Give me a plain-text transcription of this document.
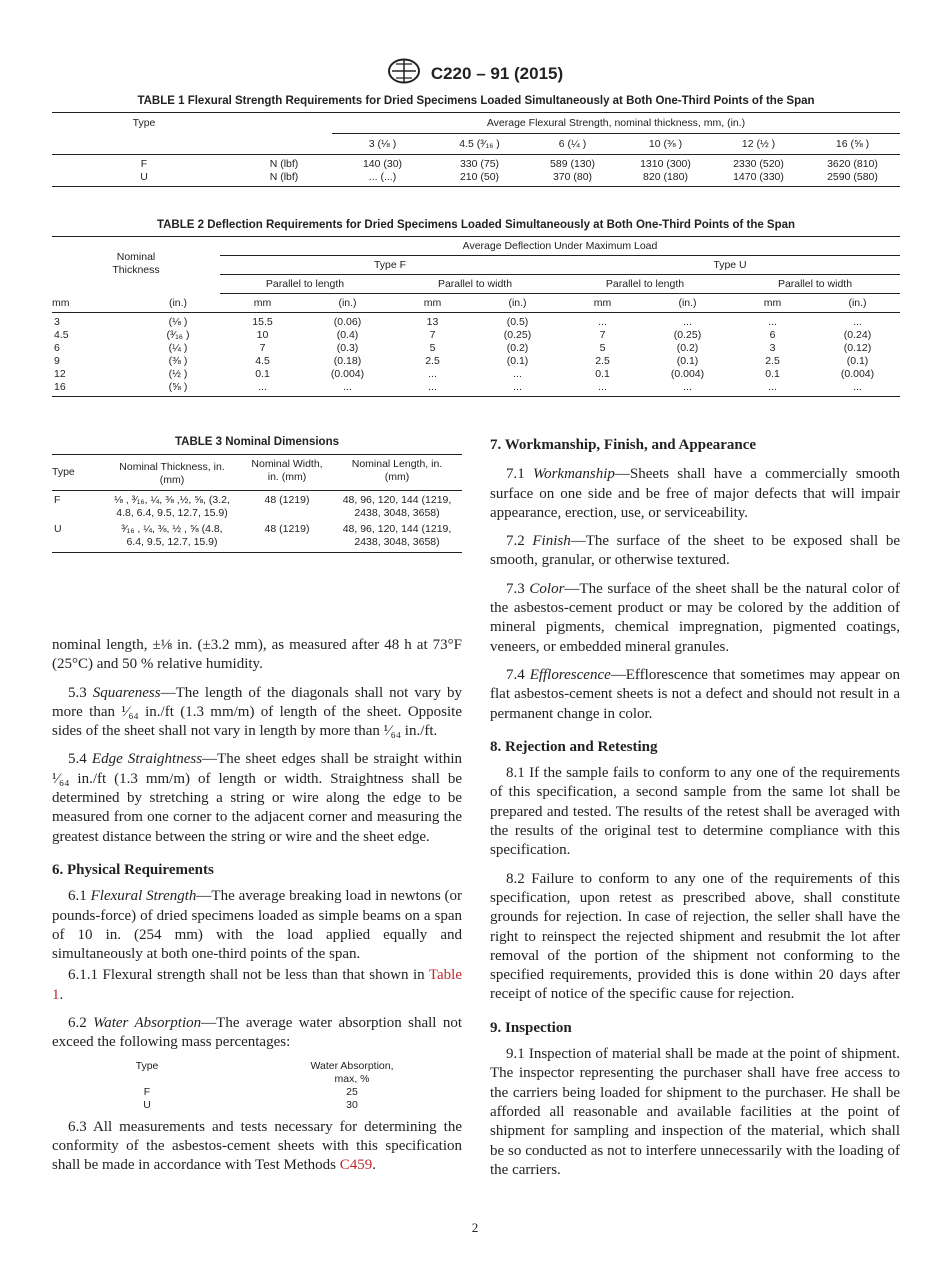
C220 – 91 (2015)
TABLE 1 Flexural Strength Requirements for Dried Specimens Loaded Simultaneously at Both One-Third Points of the Span
Type		Average Flexural Strength, nominal thickness, mm, (in.)					
		3 (⅛ )	4.5 (³⁄₁₆ )	6 (¼ )	10 (⅜ )	12 (½ )	16 (⅝ )
F	N (lbf)	140 (30)	330 (75)	589 (130)	1310 (300)	2330 (520)	3620 (810)
U	N (lbf)	... (...)	210 (50)	370 (80)	820 (180)	1470 (330)	2590 (580)
TABLE 2 Deflection Requirements for Dried Specimens Loaded Simultaneously at Both One-Third Points of the Span
Nominal Thickness		Average Deflection Under Maximum Load							
		Type F				Type U			
		Parallel to length		Parallel to width		Parallel to length		Parallel to width	
mm	(in.)	mm	(in.)	mm	(in.)	mm	(in.)	mm	(in.)
3	(⅛ )	15.5	(0.06)	13	(0.5)	...	...	...	...
4.5	(³⁄₁₆ )	10	(0.4)	7	(0.25)	7	(0.25)	6	(0.24)
6	(¼ )	7	(0.3)	5	(0.2)	5	(0.2)	3	(0.12)
9	(⅜ )	4.5	(0.18)	2.5	(0.1)	2.5	(0.1)	2.5	(0.1)
12	(½ )	0.1	(0.004)	...	...	0.1	(0.004)	0.1	(0.004)
16	(⅝ )	...	...	...	...	...	...	...	...
TABLE 3 Nominal Dimensions
Type	Nominal Thickness, in. (mm)	Nominal Width, in. (mm)	Nominal Length, in. (mm)
F	⅛ , ³⁄₁₆, ¼, ⅜ ,½, ⅝, (3.2, 4.8, 6.4, 9.5, 12.7, 15.9)	48 (1219)	48, 96, 120, 144 (1219, 2438, 3048, 3658)
U	³⁄₁₆ , ¼, ⅜, ½ , ⅝ (4.8, 6.4, 9.5, 12.7, 15.9)	48 (1219)	48, 96, 120, 144 (1219, 2438, 3048, 3658)

nominal length, ±⅛ in. (±3.2 mm), as measured after 48 h at 73°F (25°C) and 50 % relative humidity.

5.3 Squareness—The length of the diagonals shall not vary by more than ¹⁄₆₄ in./ft (1.3 mm/m) of length of the sheet. Opposite sides of the sheet shall not vary in length by more than ¹⁄₆₄ in./ft.

5.4 Edge Straightness—The sheet edges shall be straight within ¹⁄₆₄ in./ft (1.3 mm/m) of length or width. Straightness shall be determined by stretching a string or wire along the edge to be measured from one corner to the adjacent corner and measuring the greatest distance between the string or wire and the sheet edge.

6. Physical Requirements

6.1 Flexural Strength—The average breaking load in newtons (or pounds-force) of dried specimens loaded as simple beams on a span of 10 in. (254 mm) with the load applied equally and simultaneously at both one-third points of the span.

6.1.1 Flexural strength shall not be less than that shown in Table 1.

6.2 Water Absorption—The average water absorption shall not exceed the following mass percentages:

Type	Water Absorption,
max, %
F	25
U	30

6.3 All measurements and tests necessary for determining the conformity of the asbestos-cement sheets with this specification shall be made in accordance with Test Methods C459.

7. Workmanship, Finish, and Appearance

7.1 Workmanship—Sheets shall have a commercially smooth surface on one side and be free of major defects that will impair appearance, erection, use, or serviceability.

7.2 Finish—The surface of the sheet to be exposed shall be smooth, granular, or otherwise textured.

7.3 Color—The surface of the sheet shall be the natural color of the asbestos-cement product or may be colored by the addition of mineral pigments, chemical impregnation, pigmented coatings, veneers, or embedded mineral granules.

7.4 Efflorescence—Efflorescence that sometimes may appear on flat asbestos-cement sheets is not a defect and should not result in a permanent change in color.

8. Rejection and Retesting

8.1 If the sample fails to conform to any one of the requirements of this specification, a second sample from the same lot shall be prepared and tested. The results of the retest shall be averaged with the results of the original test to determine compliance with this specification.

8.2 Failure to conform to any one of the requirements of this specification, upon retest as prescribed above, shall constitute grounds for rejection. In case of rejection, the seller shall have the right to reinspect the rejected shipment and resubmit the lot after removal of the portion of the shipment not conforming to the specified requirements, provided this is done within 20 days after receipt of notice of the specific cause for rejection.

9. Inspection

9.1 Inspection of material shall be made at the point of shipment. The inspector representing the purchaser shall have free access to the carriers being loaded for shipment to the purchaser. He shall be afforded all reasonable and available facilities at the point of shipment for sampling and inspection of the material, which shall be so conducted as not to interfere unnecessarily with the loading of the carriers.

2
